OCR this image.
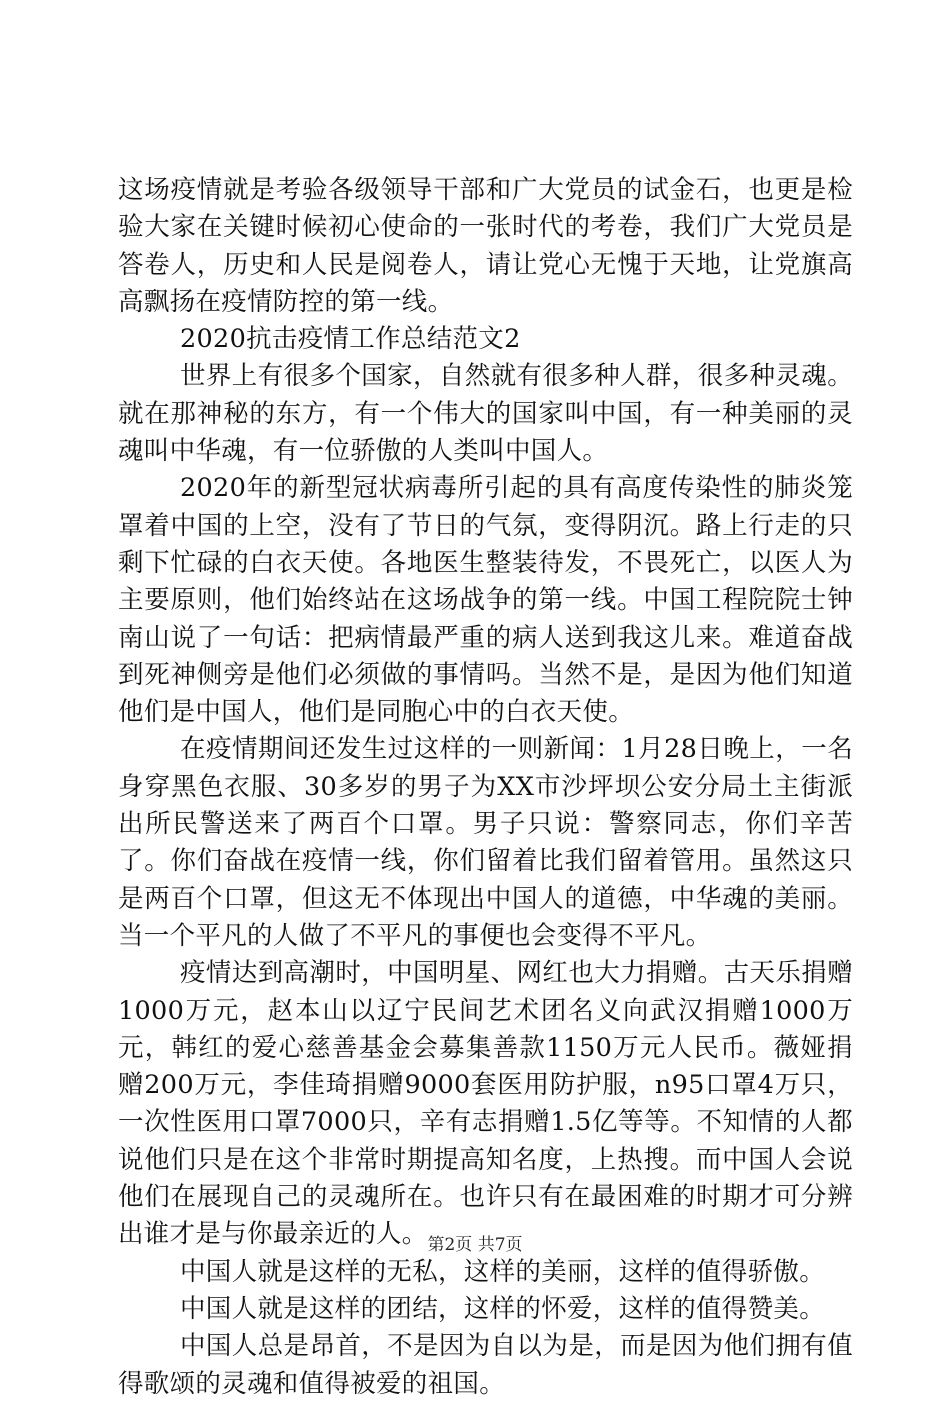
这场疫情就是考验各级领导干部和广大党员的试金石，也更是检验大家在关键时候初心使命的一张时代的考卷，我们广大党员是答卷人，历史和人民是阅卷人，请让党心无愧于天地，让党旗高高飘扬在疫情防控的第一线。

2020抗击疫情工作总结范文2

世界上有很多个国家，自然就有很多种人群，很多种灵魂。就在那神秘的东方，有一个伟大的国家叫中国，有一种美丽的灵魂叫中华魂，有一位骄傲的人类叫中国人。

2020年的新型冠状病毒所引起的具有高度传染性的肺炎笼罩着中国的上空，没有了节日的气氛，变得阴沉。路上行走的只剩下忙碌的白衣天使。各地医生整装待发，不畏死亡，以医人为主要原则，他们始终站在这场战争的第一线。中国工程院院士钟南山说了一句话：把病情最严重的病人送到我这儿来。难道奋战到死神侧旁是他们必须做的事情吗。当然不是，是因为他们知道他们是中国人，他们是同胞心中的白衣天使。

在疫情期间还发生过这样的一则新闻：1月28日晚上，一名身穿黑色衣服、30多岁的男子为XX市沙坪坝公安分局土主街派出所民警送来了两百个口罩。男子只说：警察同志，你们辛苦了。你们奋战在疫情一线，你们留着比我们留着管用。虽然这只是两百个口罩，但这无不体现出中国人的道德，中华魂的美丽。当一个平凡的人做了不平凡的事便也会变得不平凡。

疫情达到高潮时，中国明星、网红也大力捐赠。古天乐捐赠1000万元，赵本山以辽宁民间艺术团名义向武汉捐赠1000万元，韩红的爱心慈善基金会募集善款1150万元人民币。薇娅捐赠200万元，李佳琦捐赠9000套医用防护服，n95口罩4万只，一次性医用口罩7000只，辛有志捐赠1.5亿等等。不知情的人都说他们只是在这个非常时期提高知名度，上热搜。而中国人会说他们在展现自己的灵魂所在。也许只有在最困难的时期才可分辨出谁才是与你最亲近的人。

中国人就是这样的无私，这样的美丽，这样的值得骄傲。

中国人就是这样的团结，这样的怀爱，这样的值得赞美。

中国人总是昂首，不是因为自以为是，而是因为他们拥有值得歌颂的灵魂和值得被爱的祖国。

第2页 共7页
